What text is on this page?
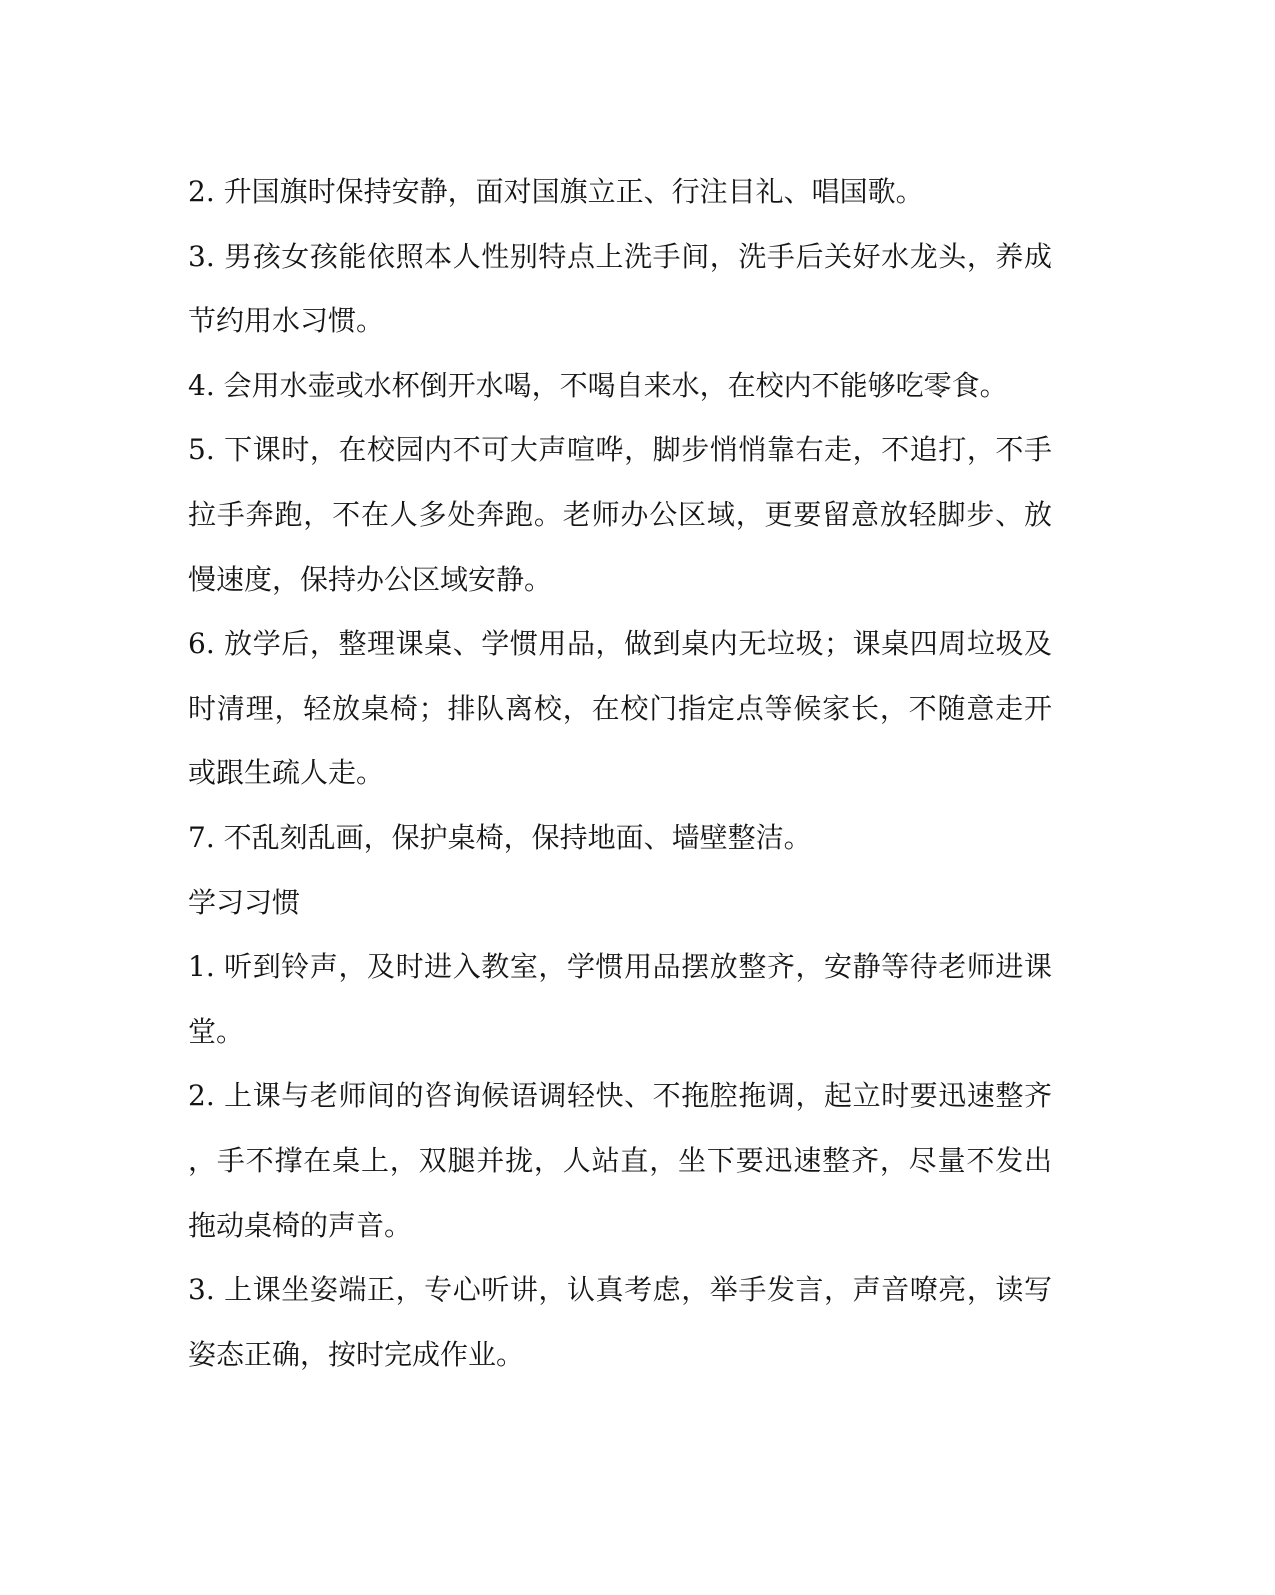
2. 升国旗时保持安静，面对国旗立正、行注目礼、唱国歌。
3. 男孩女孩能依照本人性别特点上洗手间，洗手后关好水龙头，养成
节约用水习惯。
4. 会用水壶或水杯倒开水喝，不喝自来水，在校内不能够吃零食。
5. 下课时，在校园内不可大声喧哗，脚步悄悄靠右走，不追打，不手
拉手奔跑，不在人多处奔跑。老师办公区域，更要留意放轻脚步、放
慢速度，保持办公区域安静。
6. 放学后，整理课桌、学惯用品，做到桌内无垃圾；课桌四周垃圾及
时清理，轻放桌椅；排队离校，在校门指定点等候家长，不随意走开
或跟生疏人走。
7. 不乱刻乱画，保护桌椅，保持地面、墙壁整洁。
学习习惯
1. 听到铃声，及时进入教室，学惯用品摆放整齐，安静等待老师进课
堂。
2. 上课与老师间的咨询候语调轻快、不拖腔拖调，起立时要迅速整齐
，手不撑在桌上，双腿并拢，人站直，坐下要迅速整齐，尽量不发出
拖动桌椅的声音。
3. 上课坐姿端正，专心听讲，认真考虑，举手发言，声音嘹亮，读写
姿态正确，按时完成作业。
